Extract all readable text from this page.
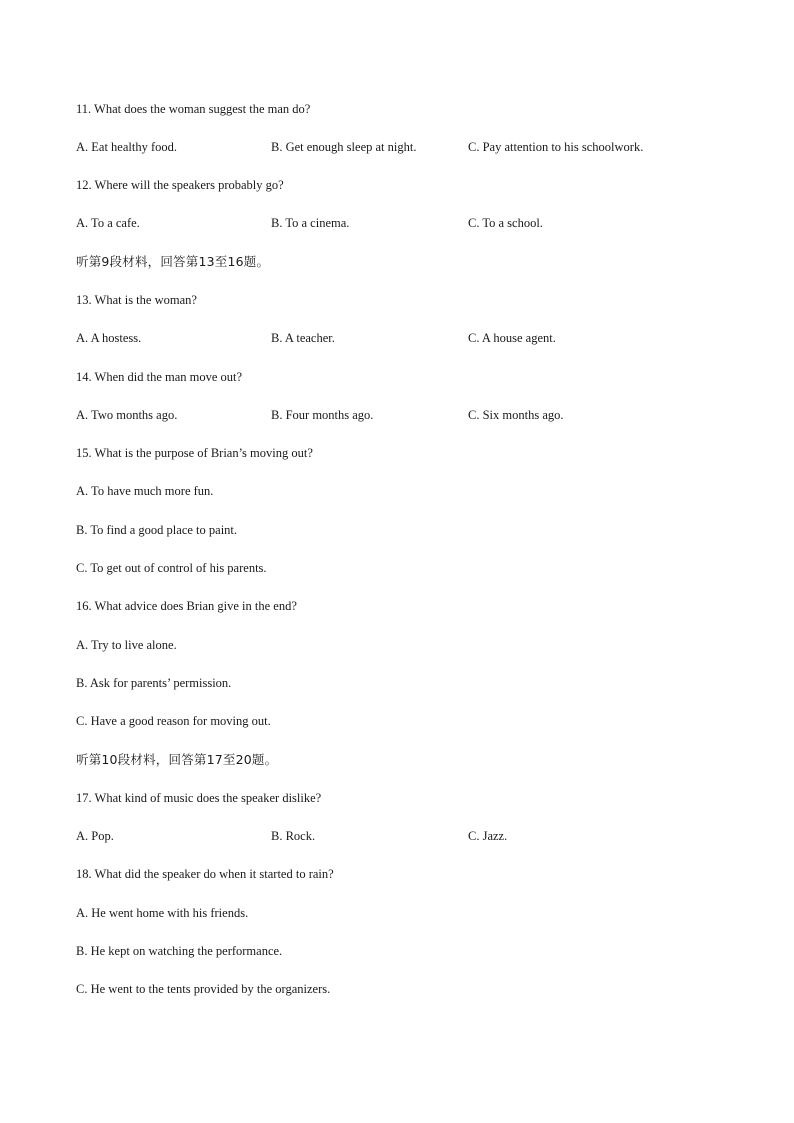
11. What does the woman suggest the man do?
A. Eat healthy food.	B. Get enough sleep at night.	C. Pay attention to his schoolwork.
12. Where will the speakers probably go?
A. To a cafe.	B. To a cinema.	C. To a school.
听第9段材料，回答第13至16题。
13. What is the woman?
A. A hostess.	B. A teacher.	C. A house agent.
14. When did the man move out?
A. Two months ago.	B. Four months ago.	C. Six months ago.
15. What is the purpose of Brian’s moving out?
A. To have much more fun.
B. To find a good place to paint.
C. To get out of control of his parents.
16. What advice does Brian give in the end?
A. Try to live alone.
B. Ask for parents’ permission.
C. Have a good reason for moving out.
听第10段材料，回答第17至20题。
17. What kind of music does the speaker dislike?
A. Pop.	B. Rock.	C. Jazz.
18. What did the speaker do when it started to rain?
A. He went home with his friends.
B. He kept on watching the performance.
C. He went to the tents provided by the organizers.
